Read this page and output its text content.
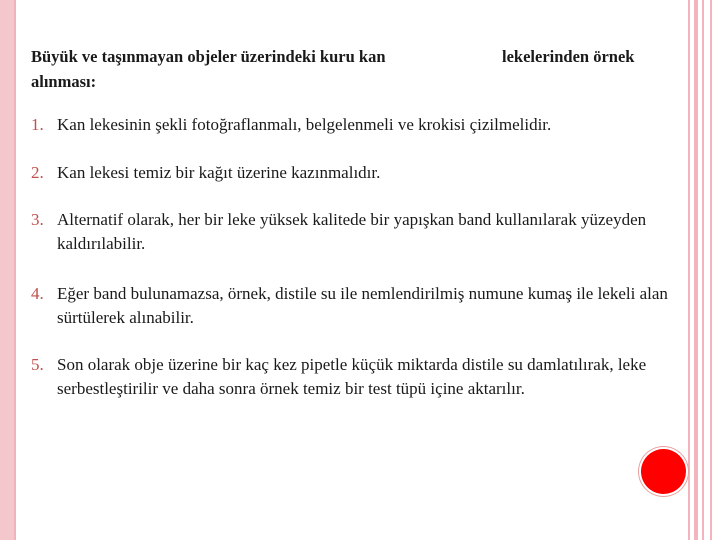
Büyük ve taşınmayan objeler üzerindeki kuru kan	lekelerinden örnek
alınması:
1. Kan lekesinin şekli fotoğraflanmalı, belgelenmeli ve krokisi çizilmelidir.
2. Kan lekesi temiz bir kağıt üzerine kazınmalıdır.
3. Alternatif olarak, her bir leke yüksek kalitede bir yapışkan band kullanılarak yüzeyden kaldırılabilir.
4. Eğer band bulunamazsa, örnek, distile su ile nemlendirilmiş numune kumaş ile lekeli alan sürtülerek alınabilir.
5. Son olarak obje üzerine bir kaç kez pipetle küçük miktarda distile su damlatılırak, leke serbestleştirilir ve daha sonra örnek temiz bir test tüpü içine aktarılır.
